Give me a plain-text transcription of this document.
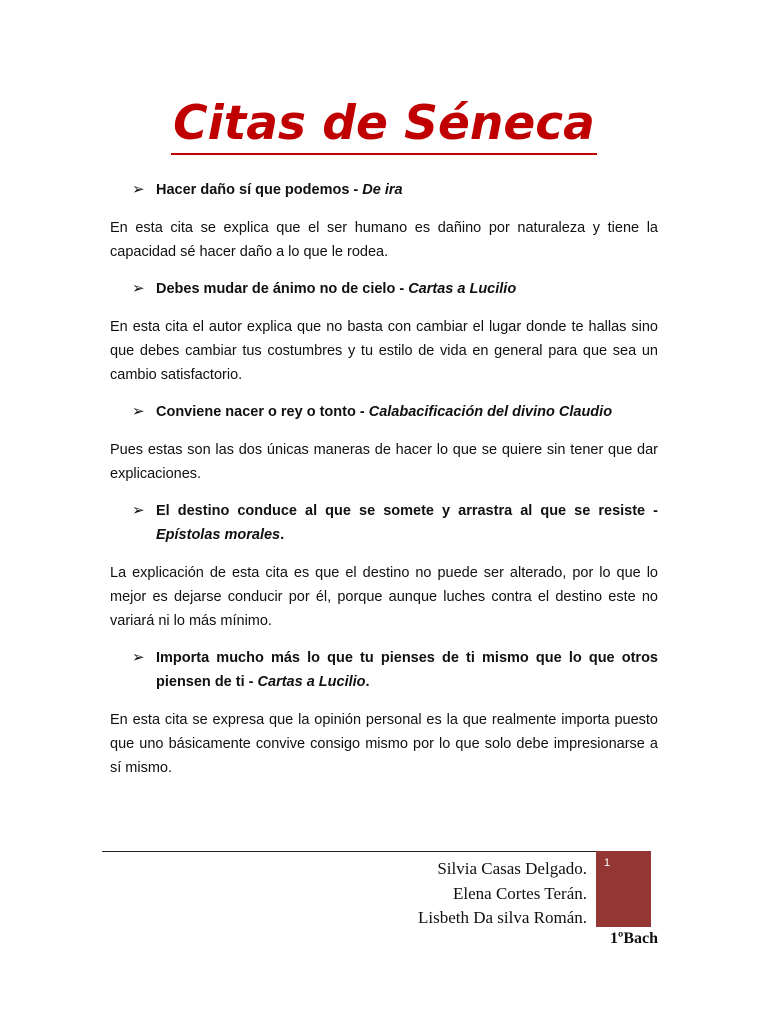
Citas de Séneca
➢ Hacer daño sí que podemos - De ira

En esta cita se explica que el ser humano es dañino por naturaleza y tiene la capacidad sé hacer daño a lo que le rodea.

➢ Debes mudar de ánimo no de cielo - Cartas a Lucilio

En esta cita el autor explica que no basta con cambiar el lugar donde te hallas sino que debes cambiar tus costumbres y tu estilo de vida en general para que sea un cambio satisfactorio.

➢ Conviene nacer o rey o tonto - Calabacificación del divino Claudio

Pues estas son las dos únicas maneras de hacer lo que se quiere sin tener que dar explicaciones.

➢ El destino conduce al que se somete y arrastra al que se resiste - Epístolas morales.

La explicación de esta cita es que el destino no puede ser alterado, por lo que lo mejor es dejarse conducir por él, porque aunque luches contra el destino este no variará ni lo más mínimo.

➢ Importa mucho más lo que tu pienses de ti mismo que lo que otros piensen de ti - Cartas a Lucilio.

En esta cita se expresa que la opinión personal es la que realmente importa puesto que uno básicamente convive consigo mismo por lo que solo debe impresionarse a sí mismo.

Silvia Casas Delgado.
Elena Cortes Terán.
Lisbeth Da silva Román.
1
1ºBach
